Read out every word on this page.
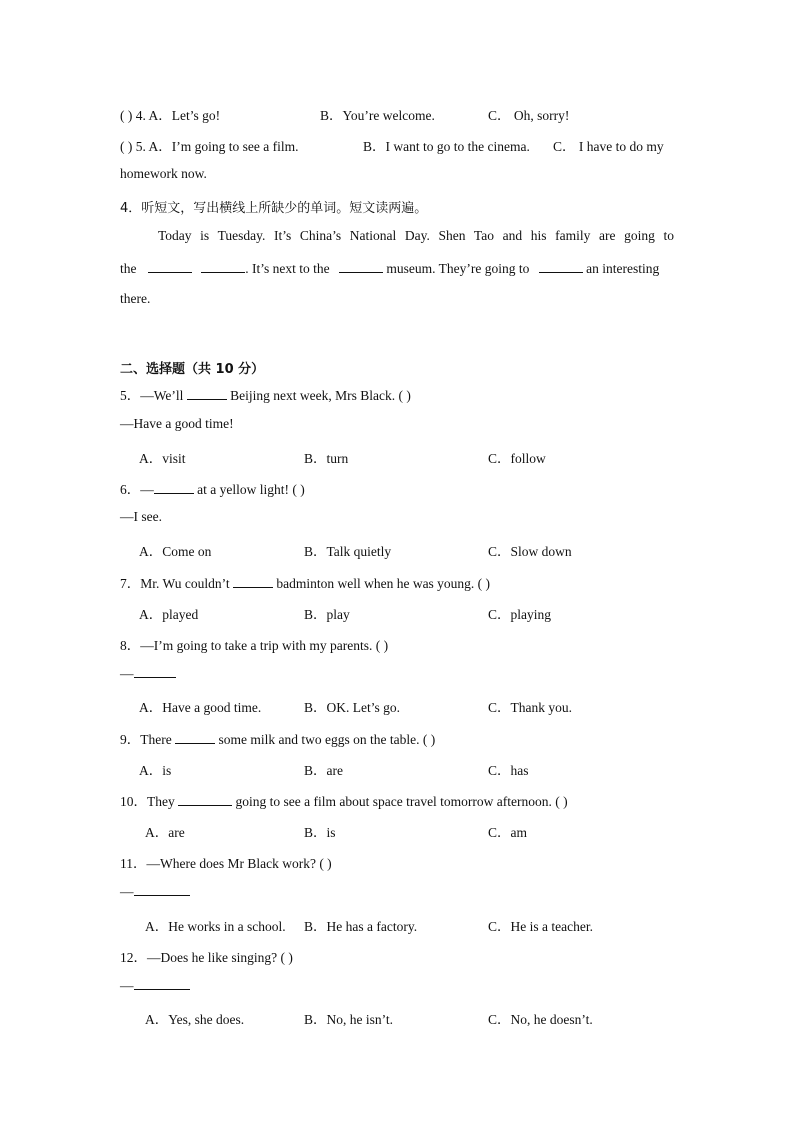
( ) 4. A．Let’s go!	B．You’re welcome.	C． Oh, sorry!
( ) 5. A．I’m going to see a film.	B．I want to go to the cinema. C． I have to do my
homework now.
4．听短文，写出横线上所缺少的单词。短文读两遍。
Today is Tuesday. It’s China’s National Day. Shen Tao and his family are going to
the	. It’s next to the	museum. They’re going to	an interesting
there.
二、选择题（共 10 分）
5．—We’ll	Beijing next week, Mrs Black. ( )
—Have a good time!
A．visit	B．turn	C．follow
6．—	at a yellow light! ( )
—I see.
A．Come on	B．Talk quietly	C．Slow down
7．Mr. Wu couldn’t	badminton well when he was young. ( )
A．played	B．play	C．playing
8．—I’m going to take a trip with my parents. ( )
—
A．Have a good time.	B．OK. Let’s go.	C．Thank you.
9．There	some milk and two eggs on the table. ( )
A．is	B．are	C．has
10．They	going to see a film about space travel tomorrow afternoon. ( )
A．are	B．is	C．am
11．—Where does Mr Black work? ( )
—
A．He works in a school. B．He has a factory.	C．He is a teacher.
12．—Does he like singing? ( )
—
A．Yes, she does.	B．No, he isn’t.	C．No, he doesn’t.
